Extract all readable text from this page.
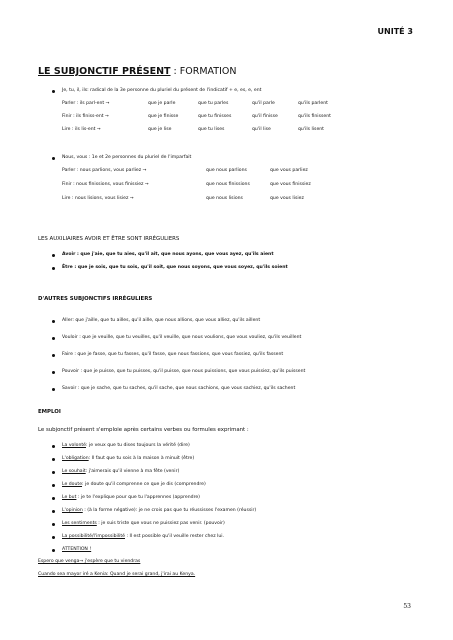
UNITÉ 3
LE SUBJONCTIF PRÉSENT : FORMATION
Je, tu, il, ils: radical de la 3e personne du pluriel du présent de l'indicatif + e, es, e, ent
Parler : ils parl-ent →	que je parle	que tu parles	qu'il parle	qu'ils parlent
Finir : ils finiss-ent →	que je finisse	que tu finisses	qu'il finisse	qu'ils finissent
Lire : ils lis-ent →	que je lise	que tu lises	qu'il lise	qu'ils lisent
Nous, vous : 1e et 2e personnes du pluriel de l'imparfait
Parler : nous parlions, vous parliez →	que nous parlions	que vous parliez
Finir : nous finissions, vous finissiez →	que nous finissions	que vous finissiez
Lire : nous lisions, vous lisiez →	que nous lisions	que vous lisiez
LES AUXILIAIRES AVOIR ET ÊTRE SONT IRRÉGULIERS
Avoir : que j'aie, que tu aies, qu'il ait, que nous ayons, que vous ayez, qu'ils aient
Être : que je sois, que tu sois, qu'il soit, que nous soyons, que vous soyez, qu'ils soient
D'AUTRES SUBJONCTIFS IRRÉGULIERS
Aller: que j'aille, que tu ailles, qu'il aille, que nous allions, que vous alliez, qu'ils aillent
Vouloir : que je veuille, que tu veuilles, qu'il veuille, que nous voulions, que vous vouliez, qu'ils veuillent
Faire : que je fasse, que tu fasses, qu'il fasse, que nous fassions, que vous fassiez, qu'ils fassent
Pouvoir : que je puisse, que tu puisses, qu'il puisse, que nous puissions, que vous puissiez, qu'ils puissent
Savoir : que je sache, que tu saches, qu'il sache, que nous sachions, que vous sachiez, qu'ils sachent
EMPLOI
Le subjonctif présent s'emploie après certains verbes ou formules exprimant :
La volonté: je veux que tu dises toujours la vérité (dire)
L'obligation: Il faut que tu sois à la maison à minuit (être)
Le souhait: j'aimerais qu'il vienne à ma fête (venir)
Le doute: je doute qu'il comprenne ce que je dis (comprendre)
Le but : je te l'explique pour que tu l'apprennes (apprendre)
L'opinion : (à la forme négative): je ne crois pas que tu réussisses l'examen (réussir)
Les sentiments : je suis triste que vous ne puissiez pas venir. (pouvoir)
La possibilité/l'impossibilité : Il est possible qu'il veuille rester chez lui.
ATTENTION !
Espero que venga→ j'espère que tu viendras
Cuando sea mayor iré a Kenia: Quand je serai grand, j'irai au Kenya.
53
